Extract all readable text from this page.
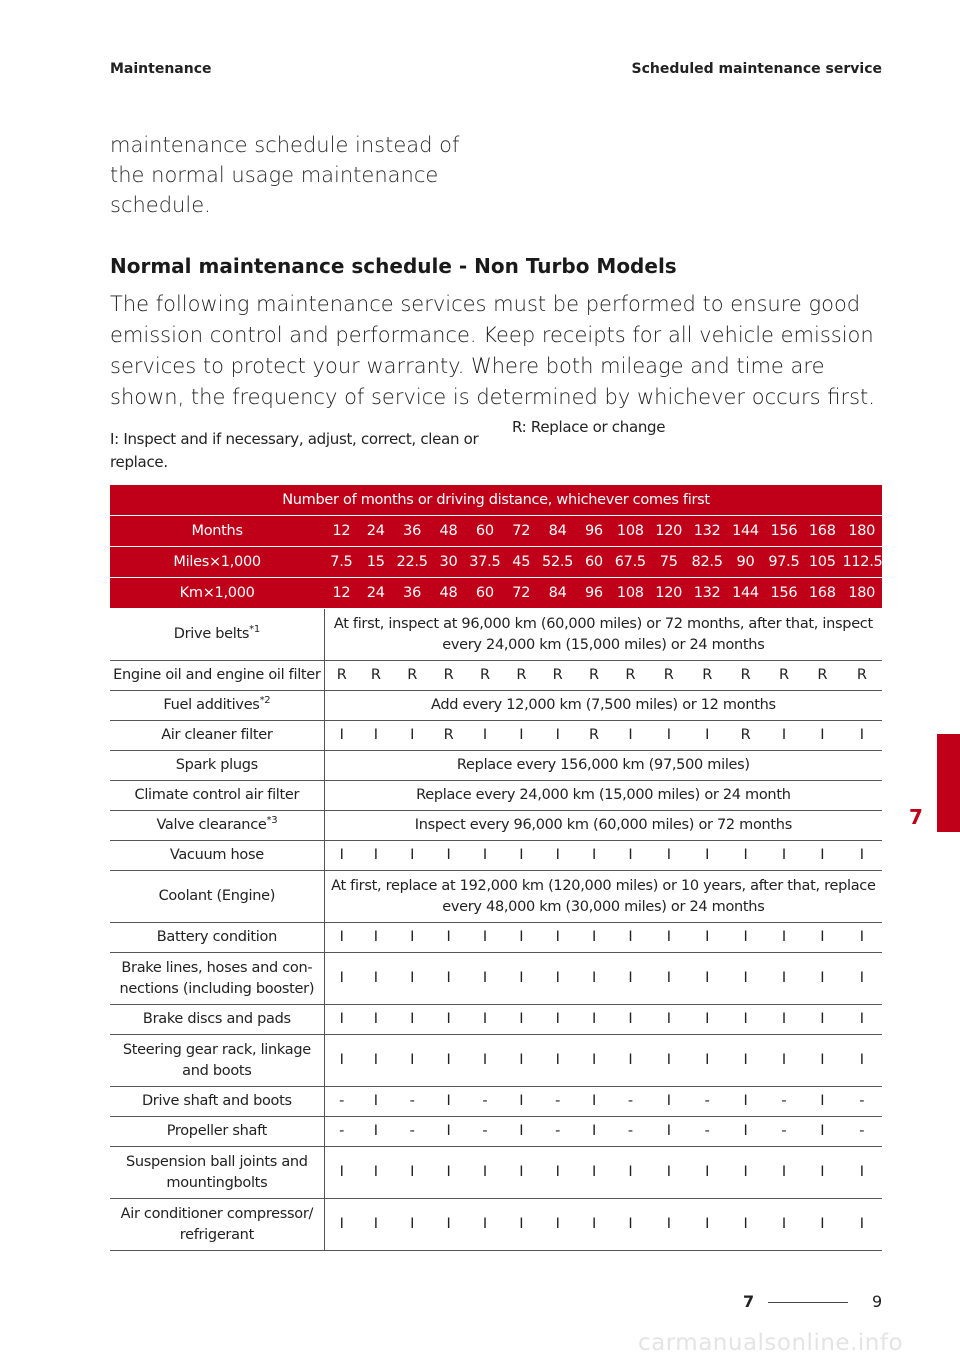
Maintenance	Scheduled maintenance service
maintenance schedule instead of the normal usage maintenance schedule.
Normal maintenance schedule - Non Turbo Models
The following maintenance services must be performed to ensure good emission control and performance. Keep receipts for all vehicle emission services to protect your warranty. Where both mileage and time are shown, the frequency of service is determined by whichever occurs first.
I: Inspect and if necessary, adjust, correct, clean or replace.
R: Replace or change
Number of months or driving distance, whichever comes first															
Months	12	24	36	48	60	72	84	96	108	120	132	144	156	168	180
Miles×1,000	7.5	15	22.5	30	37.5	45	52.5	60	67.5	75	82.5	90	97.5	105	112.5
Km×1,000	12	24	36	48	60	72	84	96	108	120	132	144	156	168	180
Drive belts$^{*1}$	At first, inspect at 96,000 km (60,000 miles) or 72 months, after that, inspect every 24,000 km (15,000 miles) or 24 months														
Engine oil and engine oil filter	R	R	R	R	R	R	R	R	R	R	R	R	R	R	R
Fuel additives$^{*2}$	Add every 12,000 km (7,500 miles) or 12 months														
Air cleaner filter	I	I	I	R	I	I	I	R	I	I	I	R	I	I	I
Spark plugs	Replace every 156,000 km (97,500 miles)														
Climate control air filter	Replace every 24,000 km (15,000 miles) or 24 month														
Valve clearance$^{*3}$	Inspect every 96,000 km (60,000 miles) or 72 months														
Vacuum hose	I	I	I	I	I	I	I	I	I	I	I	I	I	I	I
Coolant (Engine)	At first, replace at 192,000 km (120,000 miles) or 10 years, after that, replace every 48,000 km (30,000 miles) or 24 months														
Battery condition	I	I	I	I	I	I	I	I	I	I	I	I	I	I	I
Brake lines, hoses and con-nections (including booster)	I	I	I	I	I	I	I	I	I	I	I	I	I	I	I
Brake discs and pads	I	I	I	I	I	I	I	I	I	I	I	I	I	I	I
Steering gear rack, linkage and boots	I	I	I	I	I	I	I	I	I	I	I	I	I	I	I
Drive shaft and boots	-	I	-	I	-	I	-	I	-	I	-	I	-	I	-
Propeller shaft	-	I	-	I	-	I	-	I	-	I	-	I	-	I	-
Suspension ball joints and mountingbolts	I	I	I	I	I	I	I	I	I	I	I	I	I	I	I
Air conditioner compressor/ refrigerant	I	I	I	I	I	I	I	I	I	I	I	I	I	I	I
7
7	9
carmanualsonline.info
